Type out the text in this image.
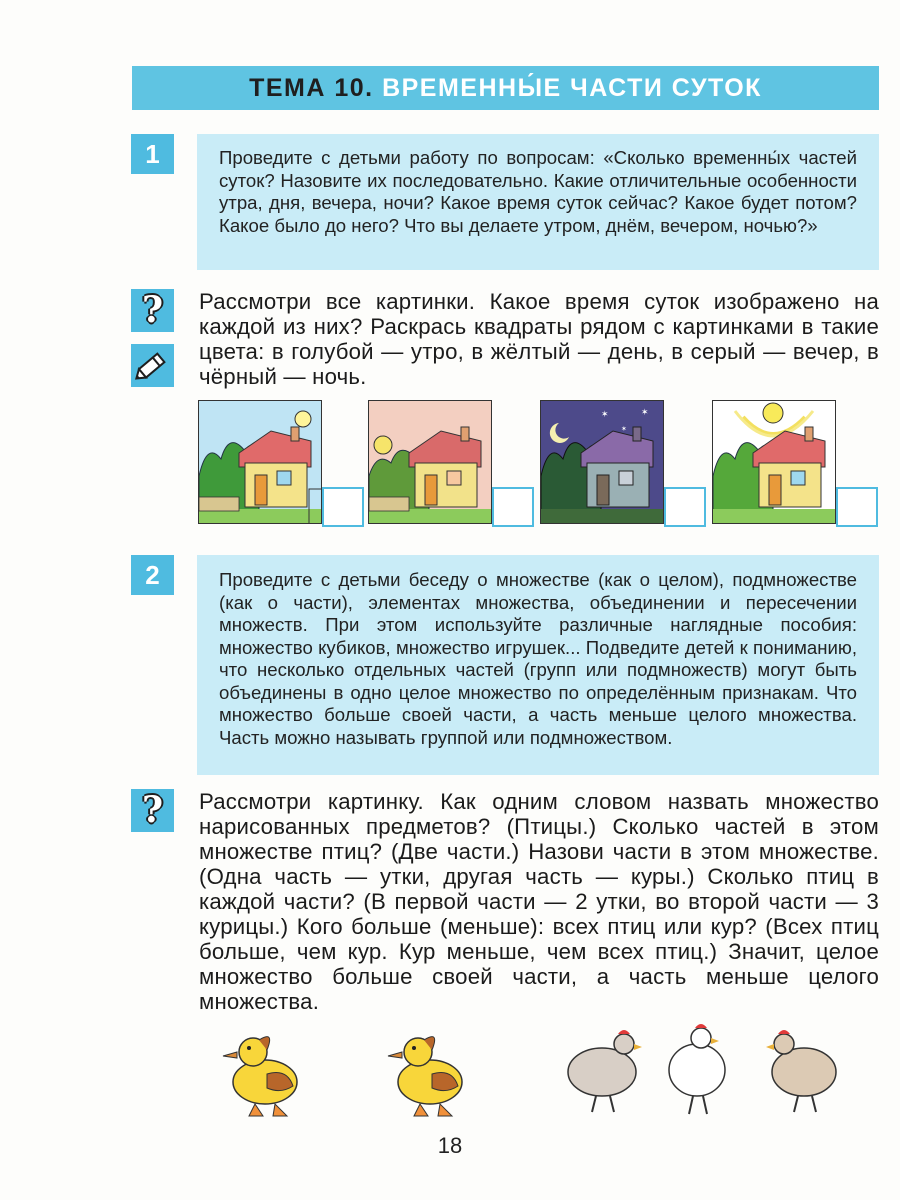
ТЕМА 10. ВРЕМЕННЫ́Е ЧАСТИ СУТОК
1	Проведите с детьми работу по вопросам: «Сколько временны́х частей суток? Назовите их последовательно. Какие отличительные особенности утра, дня, вечера, ночи? Какое время суток сейчас? Какое будет потом? Какое было до него? Что вы делаете утром, днём, вечером, ночью?»

?	Рассмотри все картинки. Какое время суток изображено на каждой из них? Раскрась квадраты рядом с картинками в такие цвета: в голубой — утро, в жёлтый — день, в серый — вечер, в чёрный — ночь.

✶	✶
✶
2	Проведите с детьми беседу о множестве (как о целом), подмножестве (как о части), элементах множества, объединении и пересечении множеств. При этом используйте различные наглядные пособия: множество кубиков, множество игрушек... Подведите детей к пониманию, что несколько отдельных частей (групп или подмножеств) могут быть объединены в одно целое множество по определённым признакам. Что множество больше своей части, а часть меньше целого множества. Часть можно называть группой или подмножеством.

?	Рассмотри картинку. Как одним словом назвать множество нарисованных предметов? (Птицы.) Сколько частей в этом множестве птиц? (Две части.) Назови части в этом множестве. (Одна часть — утки, другая часть — куры.) Сколько птиц в каждой части? (В первой части — 2 утки, во второй части — 3 курицы.) Кого больше (меньше): всех птиц или кур? (Всех птиц больше, чем кур. Кур меньше, чем всех птиц.) Значит, целое множество больше своей части, а часть меньше целого множества.

18
